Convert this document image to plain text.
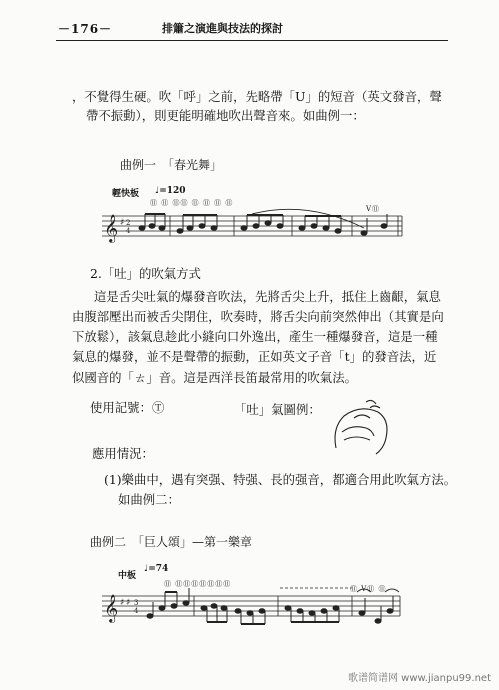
－176－	排簫之演進與技法的探討
，不覺得生硬。吹「呼」之前，先略帶「U」的短音（英文發音，聲
帶不振動），則更能明確地吹出聲音來。如曲例一：
曲例一　「春光舞」
輕快板 ♩=120
⑪ ⑪ ⑪⑪ ⑪ ⑪ ⑪ ⑪
V⑪
𝄞 ♯ 2
4
2.「吐」的吹氣方式
這是舌尖吐氣的爆發音吹法，先將舌尖上升，抵住上齒齦，氣息
由腹部壓出而被舌尖閉住，吹奏時，將舌尖向前突然伸出（其實是向
下放鬆），該氣息趁此小縫向口外逸出，產生一種爆發音，這是一種
氣息的爆發，並不是聲帶的振動，正如英文子音「t」的發音法，近
似國音的「ㄊ」音。這是西洋長笛最常用的吹氣法。
使用記號：Ⓣ	「吐」氣圖例：
應用情況：
(1)樂曲中，遇有突强、特强、長的强音，都適合用此吹氣方法。
如曲例二：
曲例二　「巨人頌」—第一樂章
中板
♩=74
⑪ ⑪⑪⑪⑪⑪⑪⑪
⑪ V⑪ ⑪
𝄞 ♯ ♯ 3
4
歌谱简谱网 www.jianpu99.net
